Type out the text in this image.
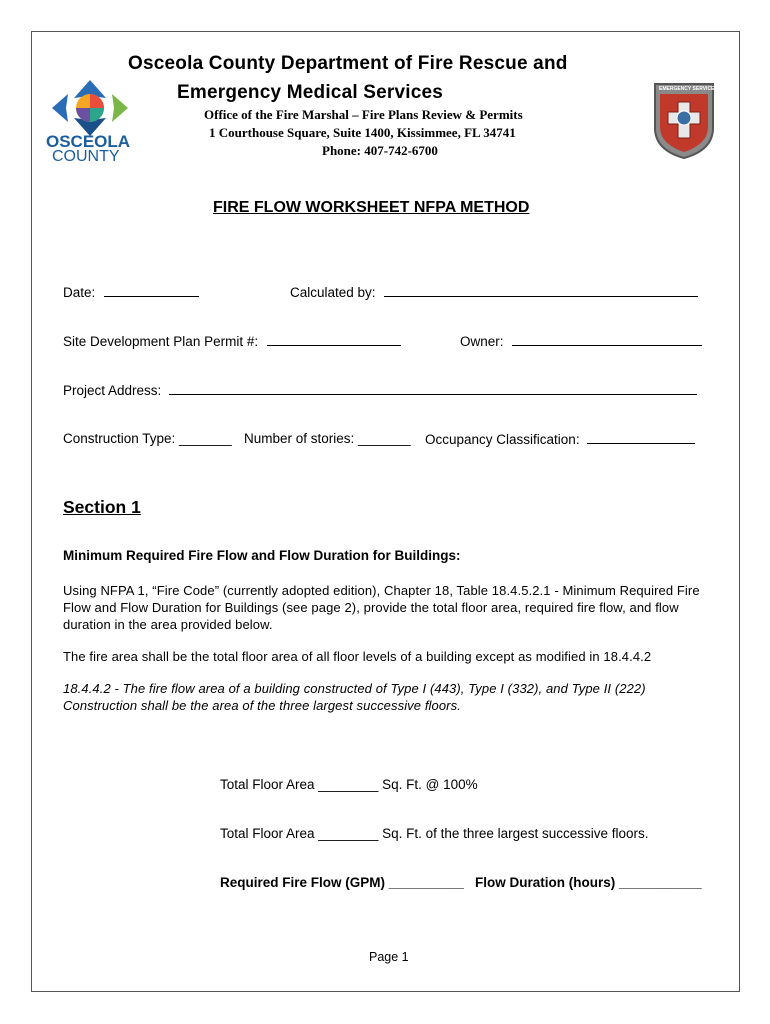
Osceola County Department of Fire Rescue and
Emergency Medical Services
OSCEOLA
COUNTY
EMERGENCY SERVICES
Office of the Fire Marshal – Fire Plans Review & Permits
1 Courthouse Square, Suite 1400, Kissimmee, FL 34741
Phone: 407-742-6700
FIRE FLOW WORKSHEET NFPA METHOD
Date:	Calculated by:
Site Development Plan Permit #:	Owner:
Project Address:
Construction Type: _______ Number of stories: _______ Occupancy Classification:
Section 1
Minimum Required Fire Flow and Flow Duration for Buildings:
Using NFPA 1, “Fire Code” (currently adopted edition), Chapter 18, Table 18.4.5.2.1 - Minimum Required Fire Flow and Flow Duration for Buildings (see page 2), provide the total floor area, required fire flow, and flow duration in the area provided below.
The fire area shall be the total floor area of all floor levels of a building except as modified in 18.4.4.2
18.4.4.2 - The fire flow area of a building constructed of Type I (443), Type I (332), and Type II (222) Construction shall be the area of the three largest successive floors.
Total Floor Area ________ Sq. Ft. @ 100%
Total Floor Area ________ Sq. Ft. of the three largest successive floors.
Required Fire Flow (GPM) __________ Flow Duration (hours) ___________
Page 1
